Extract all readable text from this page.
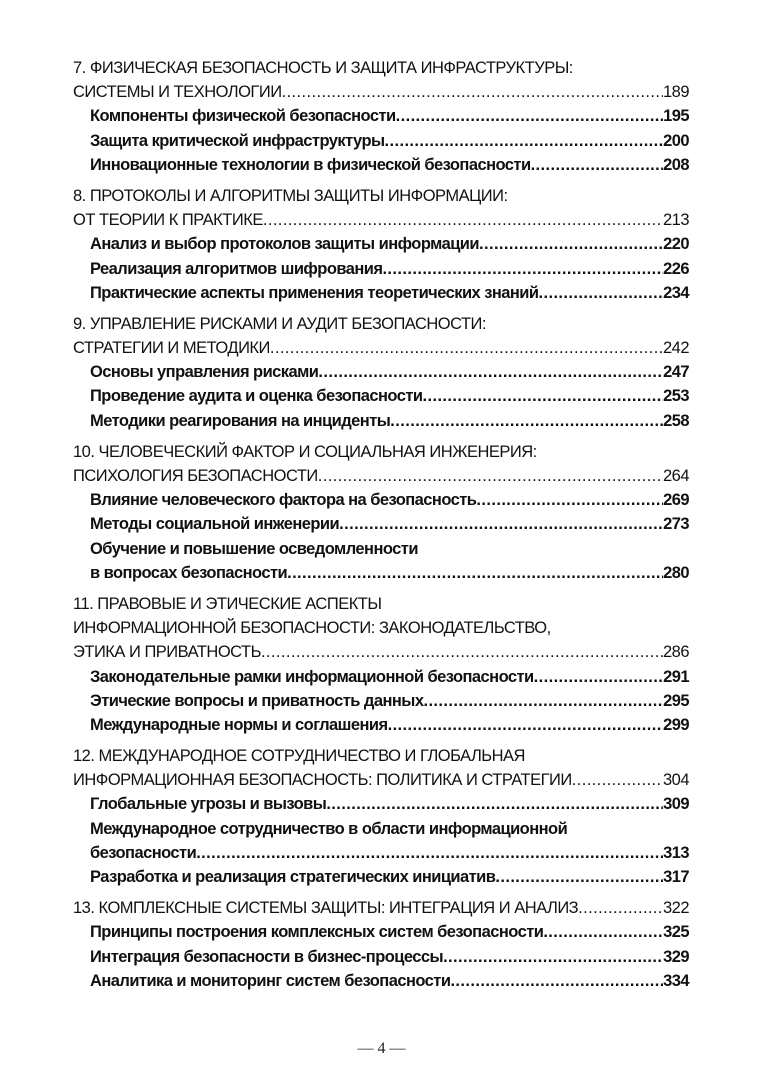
7. ФИЗИЧЕСКАЯ БЕЗОПАСНОСТЬ И ЗАЩИТА ИНФРАСТРУКТУРЫ:
СИСТЕМЫ И ТЕХНОЛОГИИ .....	189
Компоненты физической безопасности .....	195
Защита критической инфраструктуры .....	200
Инновационные технологии в физической безопасности .....	208
8. ПРОТОКОЛЫ И АЛГОРИТМЫ ЗАЩИТЫ ИНФОРМАЦИИ:
ОТ ТЕОРИИ К ПРАКТИКЕ .....	213
Анализ и выбор протоколов защиты информации .....	220
Реализация алгоритмов шифрования .....	226
Практические аспекты применения теоретических знаний .....	234
9. УПРАВЛЕНИЕ РИСКАМИ И АУДИТ БЕЗОПАСНОСТИ:
СТРАТЕГИИ И МЕТОДИКИ .....	242
Основы управления рисками .....	247
Проведение аудита и оценка безопасности .....	253
Методики реагирования на инциденты .....	258
10. ЧЕЛОВЕЧЕСКИЙ ФАКТОР И СОЦИАЛЬНАЯ ИНЖЕНЕРИЯ:
ПСИХОЛОГИЯ БЕЗОПАСНОСТИ .....	264
Влияние человеческого фактора на безопасность .....	269
Методы социальной инженерии .....	273
Обучение и повышение осведомленности
в вопросах безопасности .....	280
11. ПРАВОВЫЕ И ЭТИЧЕСКИЕ АСПЕКТЫ
ИНФОРМАЦИОННОЙ БЕЗОПАСНОСТИ: ЗАКОНОДАТЕЛЬСТВО,
ЭТИКА И ПРИВАТНОСТЬ .....	286
Законодательные рамки информационной безопасности .....	291
Этические вопросы и приватность данных .....	295
Международные нормы и соглашения .....	299
12. МЕЖДУНАРОДНОЕ СОТРУДНИЧЕСТВО И ГЛОБАЛЬНАЯ
ИНФОРМАЦИОННАЯ БЕЗОПАСНОСТЬ: ПОЛИТИКА И СТРАТЕГИИ .....	304
Глобальные угрозы и вызовы .....	309
Международное сотрудничество в области информационной
безопасности .....	313
Разработка и реализация стратегических инициатив .....	317
13. КОМПЛЕКСНЫЕ СИСТЕМЫ ЗАЩИТЫ: ИНТЕГРАЦИЯ И АНАЛИЗ .....	322
Принципы построения комплексных систем безопасности .....	325
Интеграция безопасности в бизнес-процессы .....	329
Аналитика и мониторинг систем безопасности .....	334
— 4 —
